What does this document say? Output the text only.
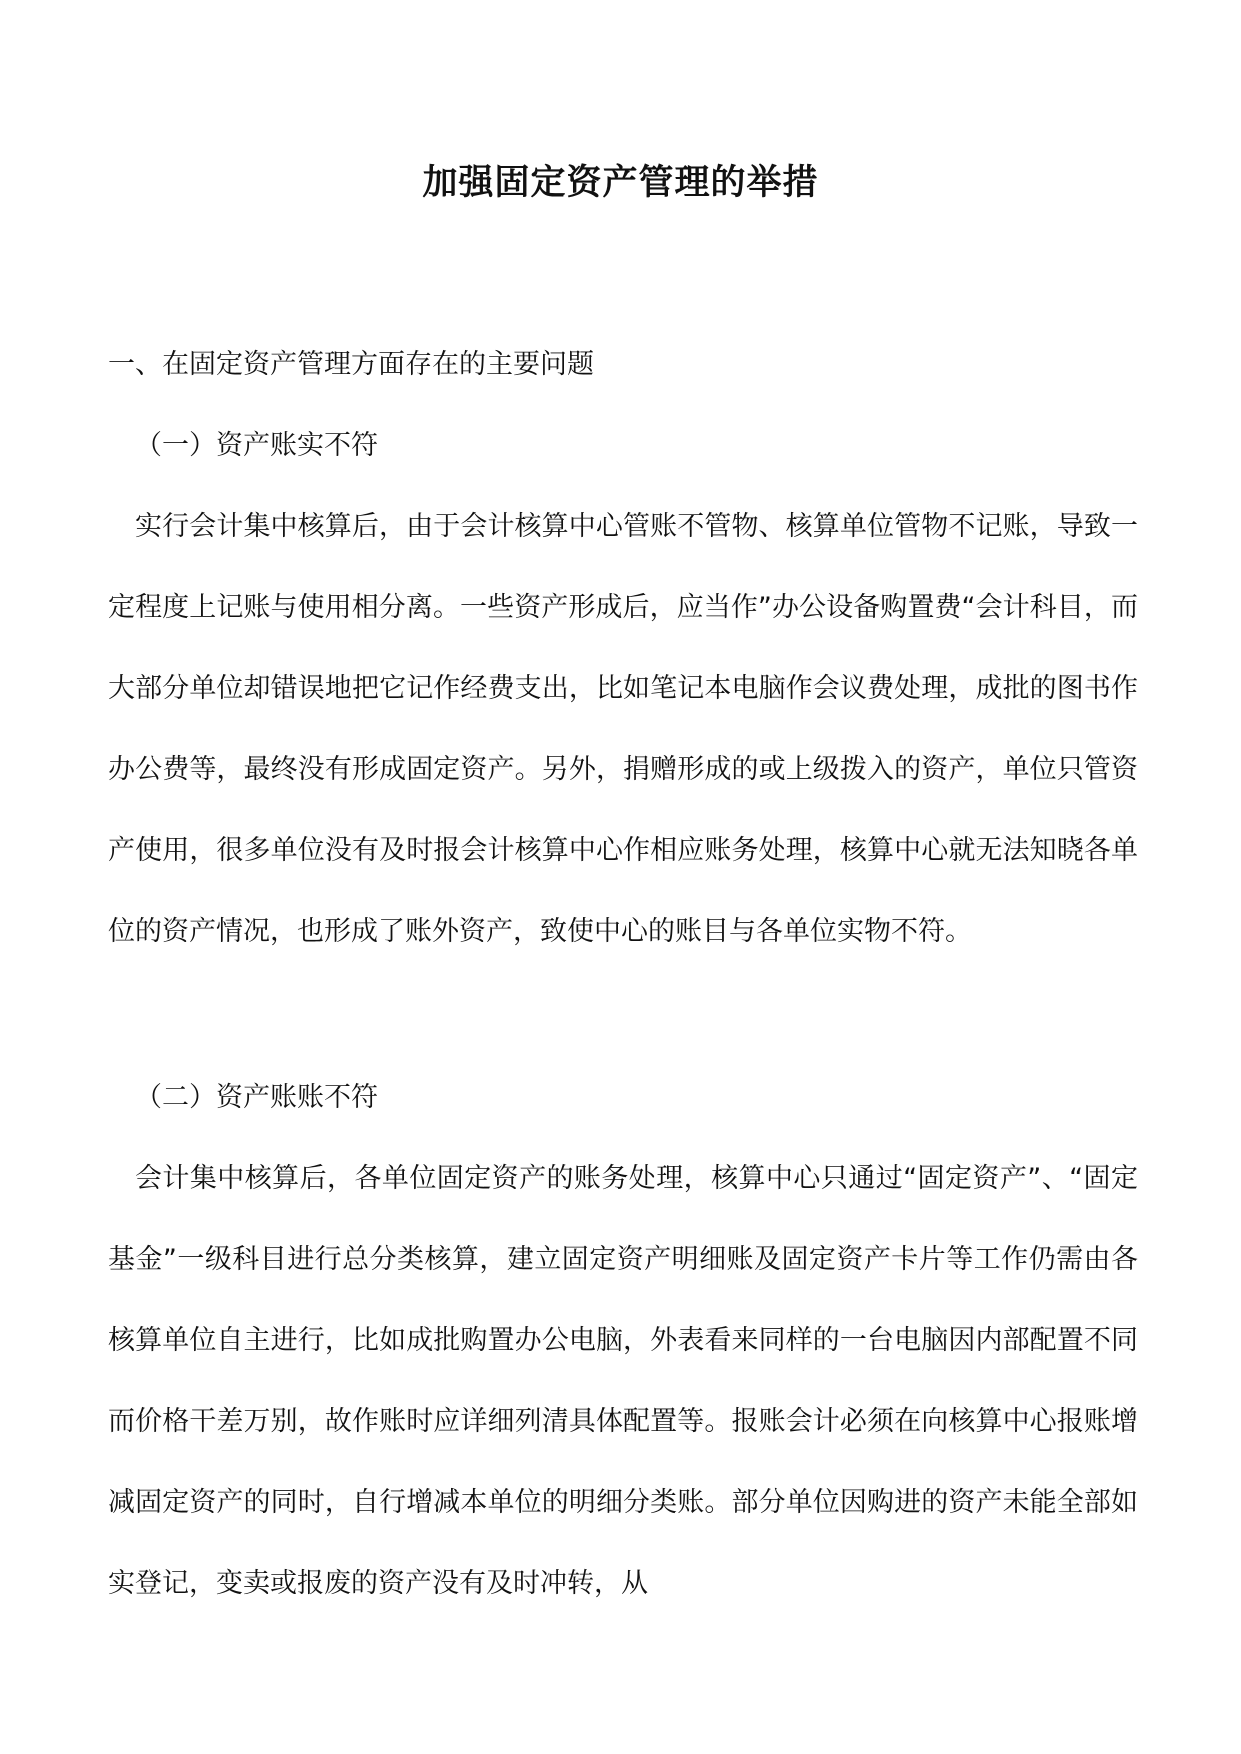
加强固定资产管理的举措
一、在固定资产管理方面存在的主要问题
（一）资产账实不符

实行会计集中核算后，由于会计核算中心管账不管物、核算单位管物不记账，导致一定程度上记账与使用相分离。一些资产形成后，应当作”办公设备购置费“会计科目，而大部分单位却错误地把它记作经费支出，比如笔记本电脑作会议费处理，成批的图书作办公费等，最终没有形成固定资产。另外，捐赠形成的或上级拨入的资产，单位只管资产使用，很多单位没有及时报会计核算中心作相应账务处理，核算中心就无法知晓各单位的资产情况，也形成了账外资产，致使中心的账目与各单位实物不符。

（二）资产账账不符

会计集中核算后，各单位固定资产的账务处理，核算中心只通过“固定资产”、“固定基金”一级科目进行总分类核算，建立固定资产明细账及固定资产卡片等工作仍需由各核算单位自主进行，比如成批购置办公电脑，外表看来同样的一台电脑因内部配置不同而价格干差万别，故作账时应详细列清具体配置等。报账会计必须在向核算中心报账增减固定资产的同时，自行增减本单位的明细分类账。部分单位因购进的资产未能全部如实登记，变卖或报废的资产没有及时冲转，从
